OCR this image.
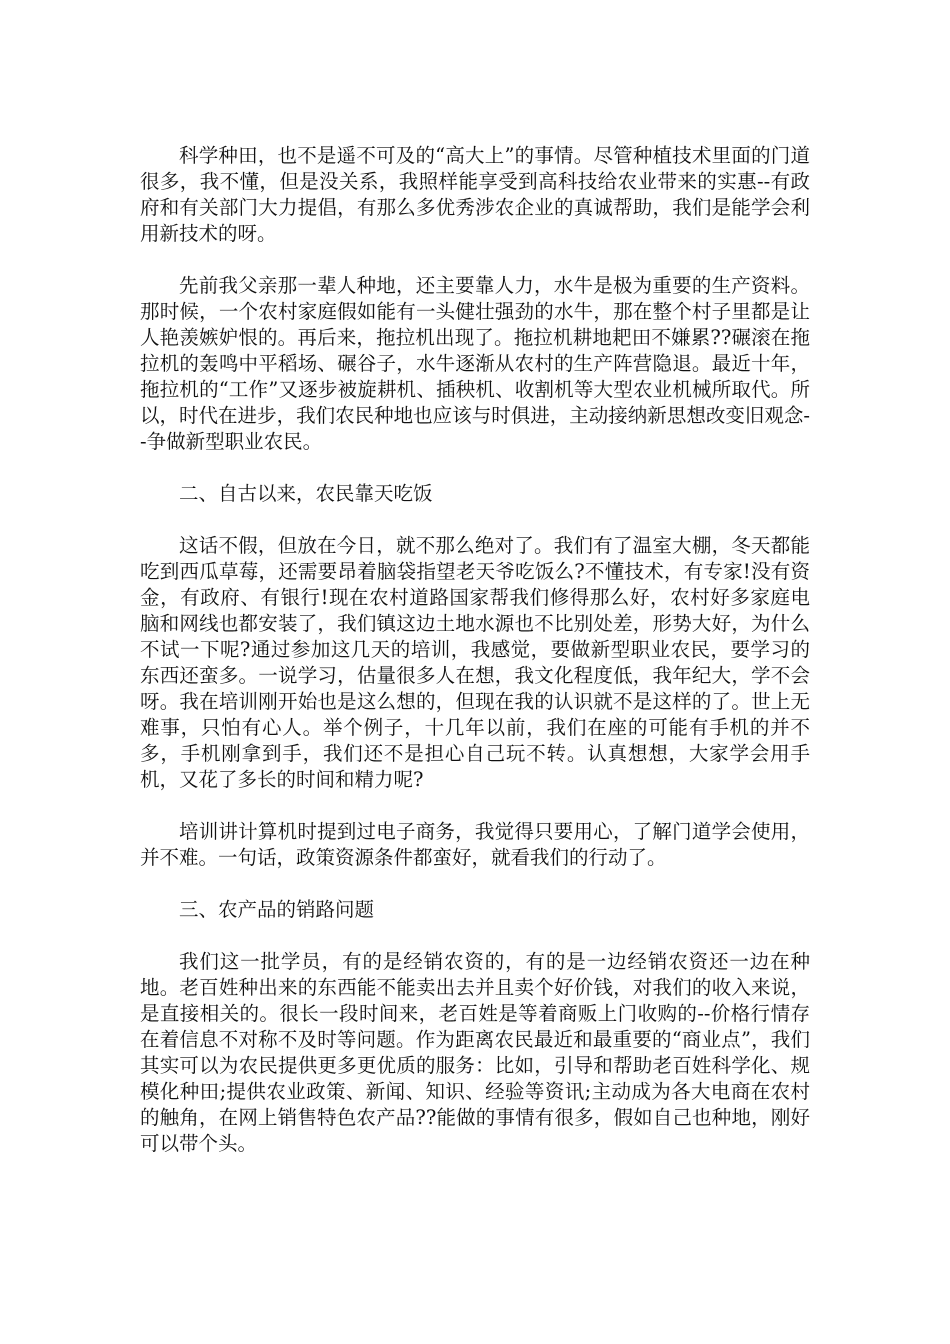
科学种田，也不是遥不可及的“高大上”的事情。尽管种植技术里面的门道很多，我不懂，但是没关系，我照样能享受到高科技给农业带来的实惠--有政府和有关部门大力提倡，有那么多优秀涉农企业的真诚帮助，我们是能学会利用新技术的呀。

先前我父亲那一辈人种地，还主要靠人力，水牛是极为重要的生产资料。那时候，一个农村家庭假如能有一头健壮强劲的水牛，那在整个村子里都是让人艳羡嫉妒恨的。再后来，拖拉机出现了。拖拉机耕地耙田不嫌累??碾滚在拖拉机的轰鸣中平稻场、碾谷子，水牛逐渐从农村的生产阵营隐退。最近十年，拖拉机的“工作”又逐步被旋耕机、插秧机、收割机等大型农业机械所取代。所以，时代在进步，我们农民种地也应该与时俱进，主动接纳新思想改变旧观念--争做新型职业农民。

二、自古以来，农民靠天吃饭

这话不假，但放在今日，就不那么绝对了。我们有了温室大棚，冬天都能吃到西瓜草莓，还需要昂着脑袋指望老天爷吃饭么?不懂技术，有专家!没有资金，有政府、有银行!现在农村道路国家帮我们修得那么好，农村好多家庭电脑和网线也都安装了，我们镇这边土地水源也不比别处差，形势大好，为什么不试一下呢?通过参加这几天的培训，我感觉，要做新型职业农民，要学习的东西还蛮多。一说学习，估量很多人在想，我文化程度低，我年纪大，学不会呀。我在培训刚开始也是这么想的，但现在我的认识就不是这样的了。世上无难事，只怕有心人。举个例子，十几年以前，我们在座的可能有手机的并不多，手机刚拿到手，我们还不是担心自己玩不转。认真想想，大家学会用手机，又花了多长的时间和精力呢?

培训讲计算机时提到过电子商务，我觉得只要用心，了解门道学会使用，并不难。一句话，政策资源条件都蛮好，就看我们的行动了。

三、农产品的销路问题

我们这一批学员，有的是经销农资的，有的是一边经销农资还一边在种地。老百姓种出来的东西能不能卖出去并且卖个好价钱，对我们的收入来说，是直接相关的。很长一段时间来，老百姓是等着商贩上门收购的--价格行情存在着信息不对称不及时等问题。作为距离农民最近和最重要的“商业点”，我们其实可以为农民提供更多更优质的服务：比如，引导和帮助老百姓科学化、规模化种田;提供农业政策、新闻、知识、经验等资讯;主动成为各大电商在农村的触角，在网上销售特色农产品??能做的事情有很多，假如自己也种地，刚好可以带个头。
